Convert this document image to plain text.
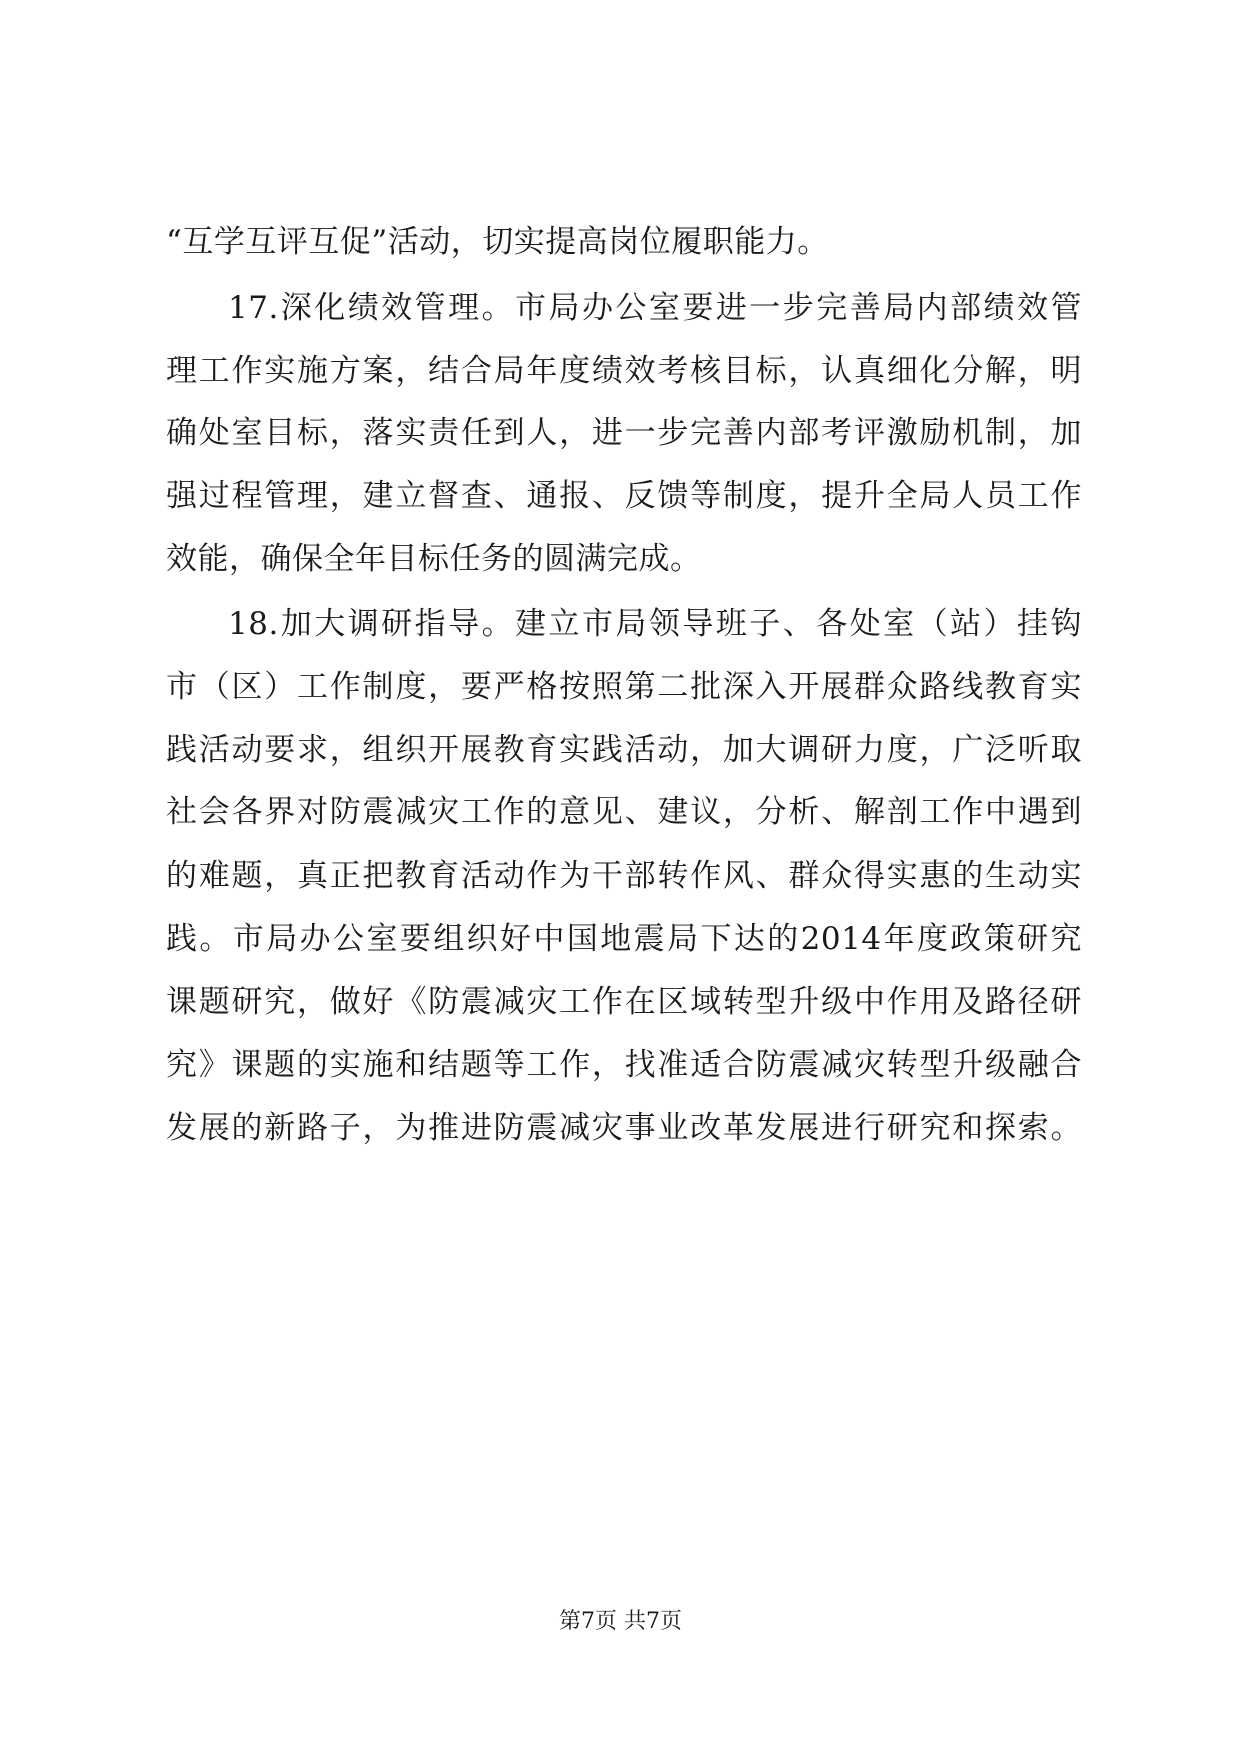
“互学互评互促”活动，切实提高岗位履职能力。
17.深化绩效管理。市局办公室要进一步完善局内部绩效管
理工作实施方案，结合局年度绩效考核目标，认真细化分解，明
确处室目标，落实责任到人，进一步完善内部考评激励机制，加
强过程管理，建立督查、通报、反馈等制度，提升全局人员工作
效能，确保全年目标任务的圆满完成。
18.加大调研指导。建立市局领导班子、各处室（站）挂钩
市（区）工作制度，要严格按照第二批深入开展群众路线教育实
践活动要求，组织开展教育实践活动，加大调研力度，广泛听取
社会各界对防震减灾工作的意见、建议，分析、解剖工作中遇到
的难题，真正把教育活动作为干部转作风、群众得实惠的生动实
践。市局办公室要组织好中国地震局下达的2014年度政策研究
课题研究，做好《防震减灾工作在区域转型升级中作用及路径研
究》课题的实施和结题等工作，找准适合防震减灾转型升级融合
发展的新路子，为推进防震减灾事业改革发展进行研究和探索。
第7页 共7页
